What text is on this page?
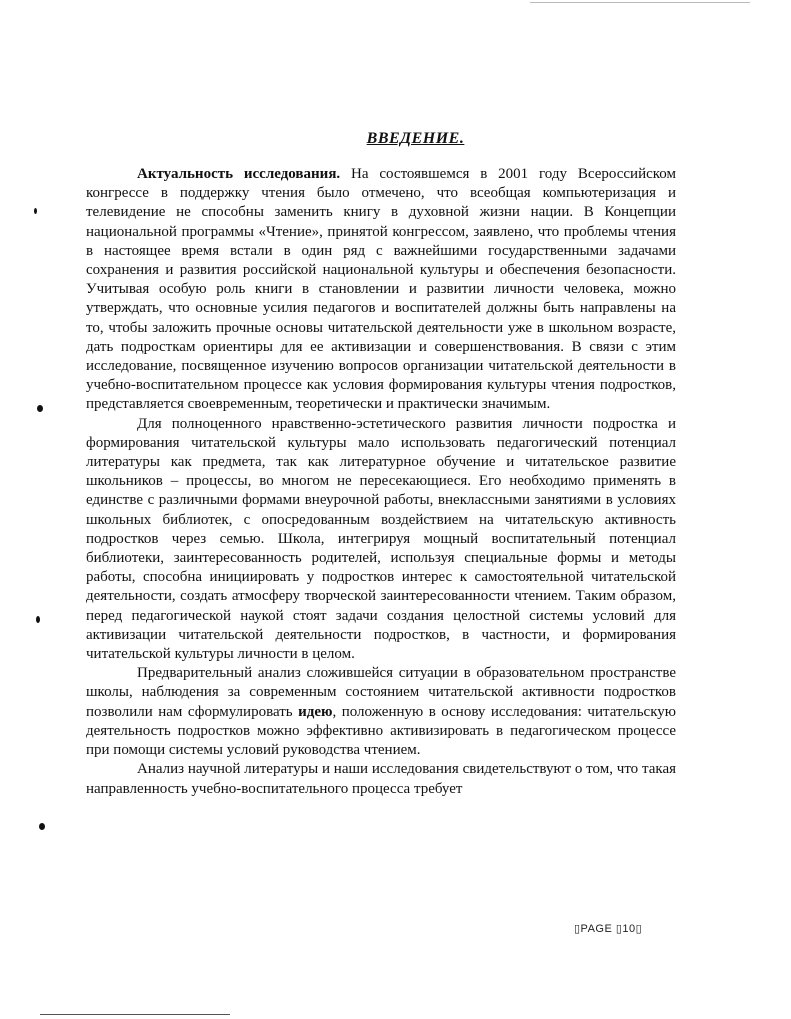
ВВЕДЕНИЕ.

Актуальность исследования. На состоявшемся в 2001 году Всероссийском конгрессе в поддержку чтения было отмечено, что всеобщая компьютеризация и телевидение не способны заменить книгу в духовной жизни нации. В Концепции национальной программы «Чтение», принятой конгрессом, заявлено, что проблемы чтения в настоящее время встали в один ряд с важнейшими государственными задачами сохранения и развития российской национальной культуры и обеспечения безопасности. Учитывая особую роль книги в становлении и развитии личности человека, можно утверждать, что основные усилия педагогов и воспитателей должны быть направлены на то, чтобы заложить прочные основы читательской деятельности уже в школьном возрасте, дать подросткам ориентиры для ее активизации и совершенствования. В связи с этим исследование, посвященное изучению вопросов организации читательской деятельности в учебно-воспитательном процессе как условия формирования культуры чтения подростков, представляется своевременным, теоретически и практически значимым.

Для полноценного нравственно-эстетического развития личности подростка и формирования читательской культуры мало использовать педагогический потенциал литературы как предмета, так как литературное обучение и читательское развитие школьников – процессы, во многом не пересекающиеся. Его необходимо применять в единстве с различными формами внеурочной работы, внеклассными занятиями в условиях школьных библиотек, с опосредованным воздействием на читательскую активность подростков через семью. Школа, интегрируя мощный воспитательный потенциал библиотеки, заинтересованность родителей, используя специальные формы и методы работы, способна инициировать у подростков интерес к самостоятельной читательской деятельности, создать атмосферу творческой заинтересованности чтением. Таким образом, перед педагогической наукой стоят задачи создания целостной системы условий для активизации читательской деятельности подростков, в частности, и формирования читательской культуры личности в целом.

Предварительный анализ сложившейся ситуации в образовательном пространстве школы, наблюдения за современным состоянием читательской активности подростков позволили нам сформулировать идею, положенную в основу исследования: читательскую деятельность подростков можно эффективно активизировать в педагогическом процессе при помощи системы условий руководства чтением.

Анализ научной литературы и наши исследования свидетельствуют о том, что такая направленность учебно-воспитательного процесса требует

▯PAGE ▯10▯
